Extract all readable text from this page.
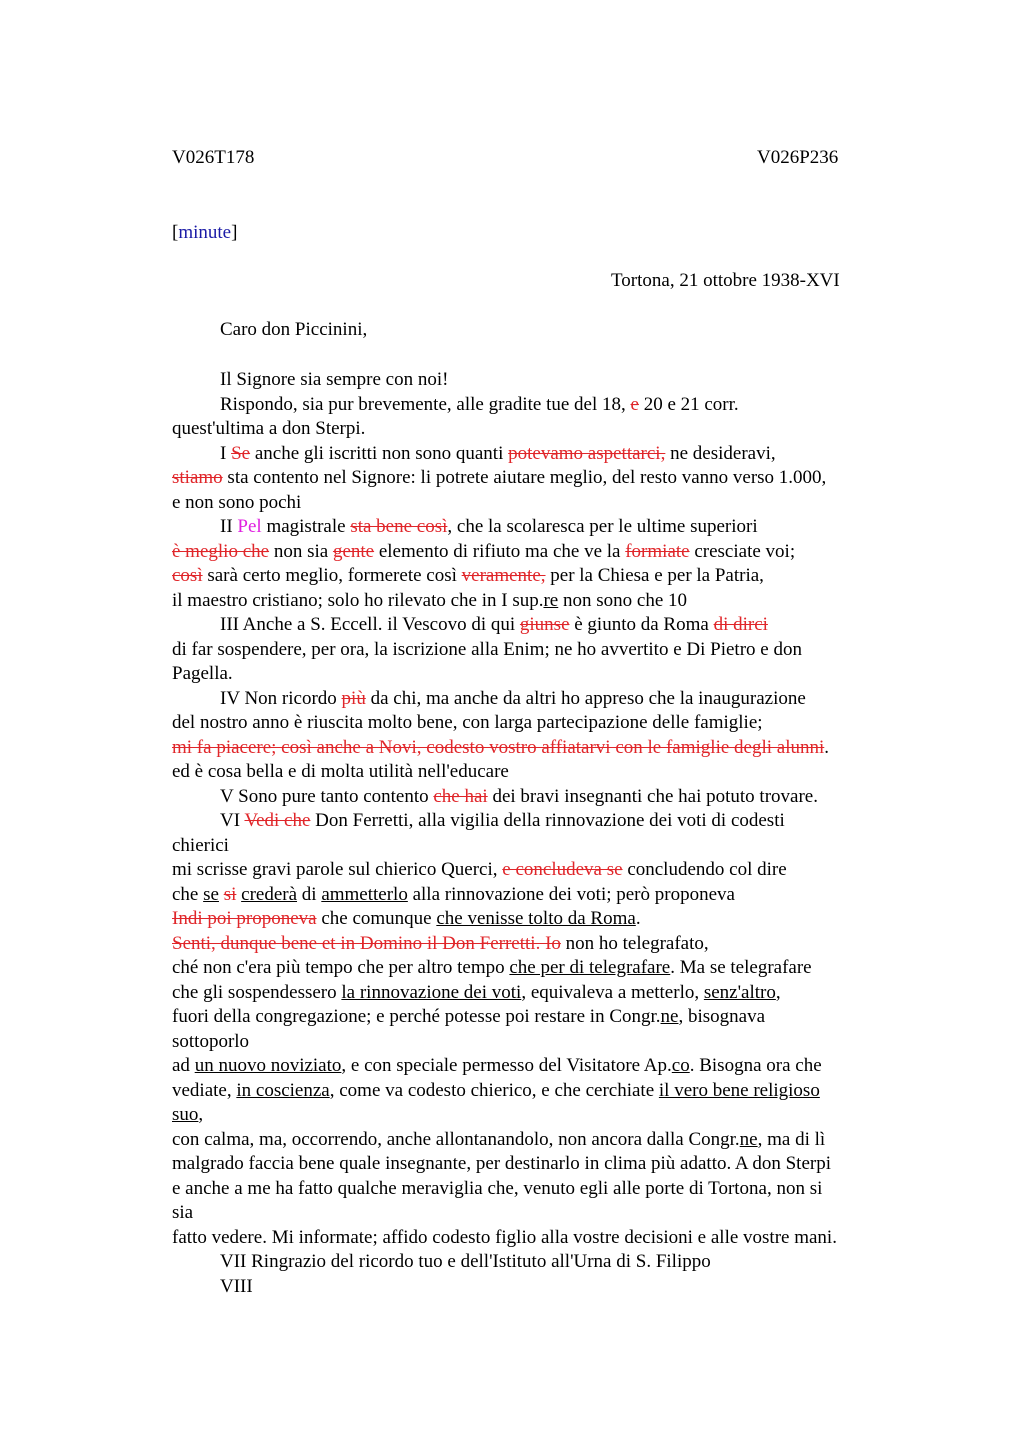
V026T178	V026P236
[minute]
Tortona, 21 ottobre 1938-XVI
Caro don Piccinini,
Il Signore sia sempre con noi!
Rispondo, sia pur brevemente, alle gradite tue del 18, e 20 e 21 corr.
quest'ultima a don Sterpi.
I Se anche gli iscritti non sono quanti potevamo aspettarci, ne desideravi,
stiamo sta contento nel Signore: li potrete aiutare meglio, del resto vanno verso 1.000,
e non sono pochi
II Pel magistrale sta bene così, che la scolaresca per le ultime superiori
è meglio che non sia gente elemento di rifiuto ma che ve la formiate cresciate voi;
così sarà certo meglio, formerete così veramente, per la Chiesa e per la Patria,
il maestro cristiano; solo ho rilevato che in I sup.re non sono che 10
III Anche a S. Eccell. il Vescovo di qui giunse è giunto da Roma di dirci
di far sospendere, per ora, la iscrizione alla Enim; ne ho avvertito e Di Pietro e don
Pagella.
IV Non ricordo più da chi, ma anche da altri ho appreso che la inaugurazione
del nostro anno è riuscita molto bene, con larga partecipazione delle famiglie;
mi fa piacere; così anche a Novi, codesto vostro affiatarvi con le famiglie degli alunni.
ed è cosa bella e di molta utilità nell'educare
V Sono pure tanto contento che hai dei bravi insegnanti che hai potuto trovare.
VI Vedi che Don Ferretti, alla vigilia della rinnovazione dei voti di codesti
chierici
mi scrisse gravi parole sul chierico Querci, e concludeva se concludendo col dire
che se si crederà di ammetterlo alla rinnovazione dei voti; però proponeva
Indi poi proponeva che comunque che venisse tolto da Roma.
Senti, dunque bene et in Domino il Don Ferretti. Io non ho telegrafato,
ché non c'era più tempo che per altro tempo che per di telegrafare. Ma se telegrafare
che gli sospendessero la rinnovazione dei voti, equivaleva a metterlo, senz'altro,
fuori della congregazione; e perché potesse poi restare in Congr.ne, bisognava
sottoporlo
ad un nuovo noviziato, e con speciale permesso del Visitatore Ap.co. Bisogna ora che
vediate, in coscienza, come va codesto chierico, e che cerchiate il vero bene religioso
suo,
con calma, ma, occorrendo, anche allontanandolo, non ancora dalla Congr.ne, ma di lì
malgrado faccia bene quale insegnante, per destinarlo in clima più adatto. A don Sterpi
e anche a me ha fatto qualche meraviglia che, venuto egli alle porte di Tortona, non si
sia
fatto vedere. Mi informate; affido codesto figlio alla vostre decisioni e alle vostre mani.
VII Ringrazio del ricordo tuo e dell'Istituto all'Urna di S. Filippo
VIII
